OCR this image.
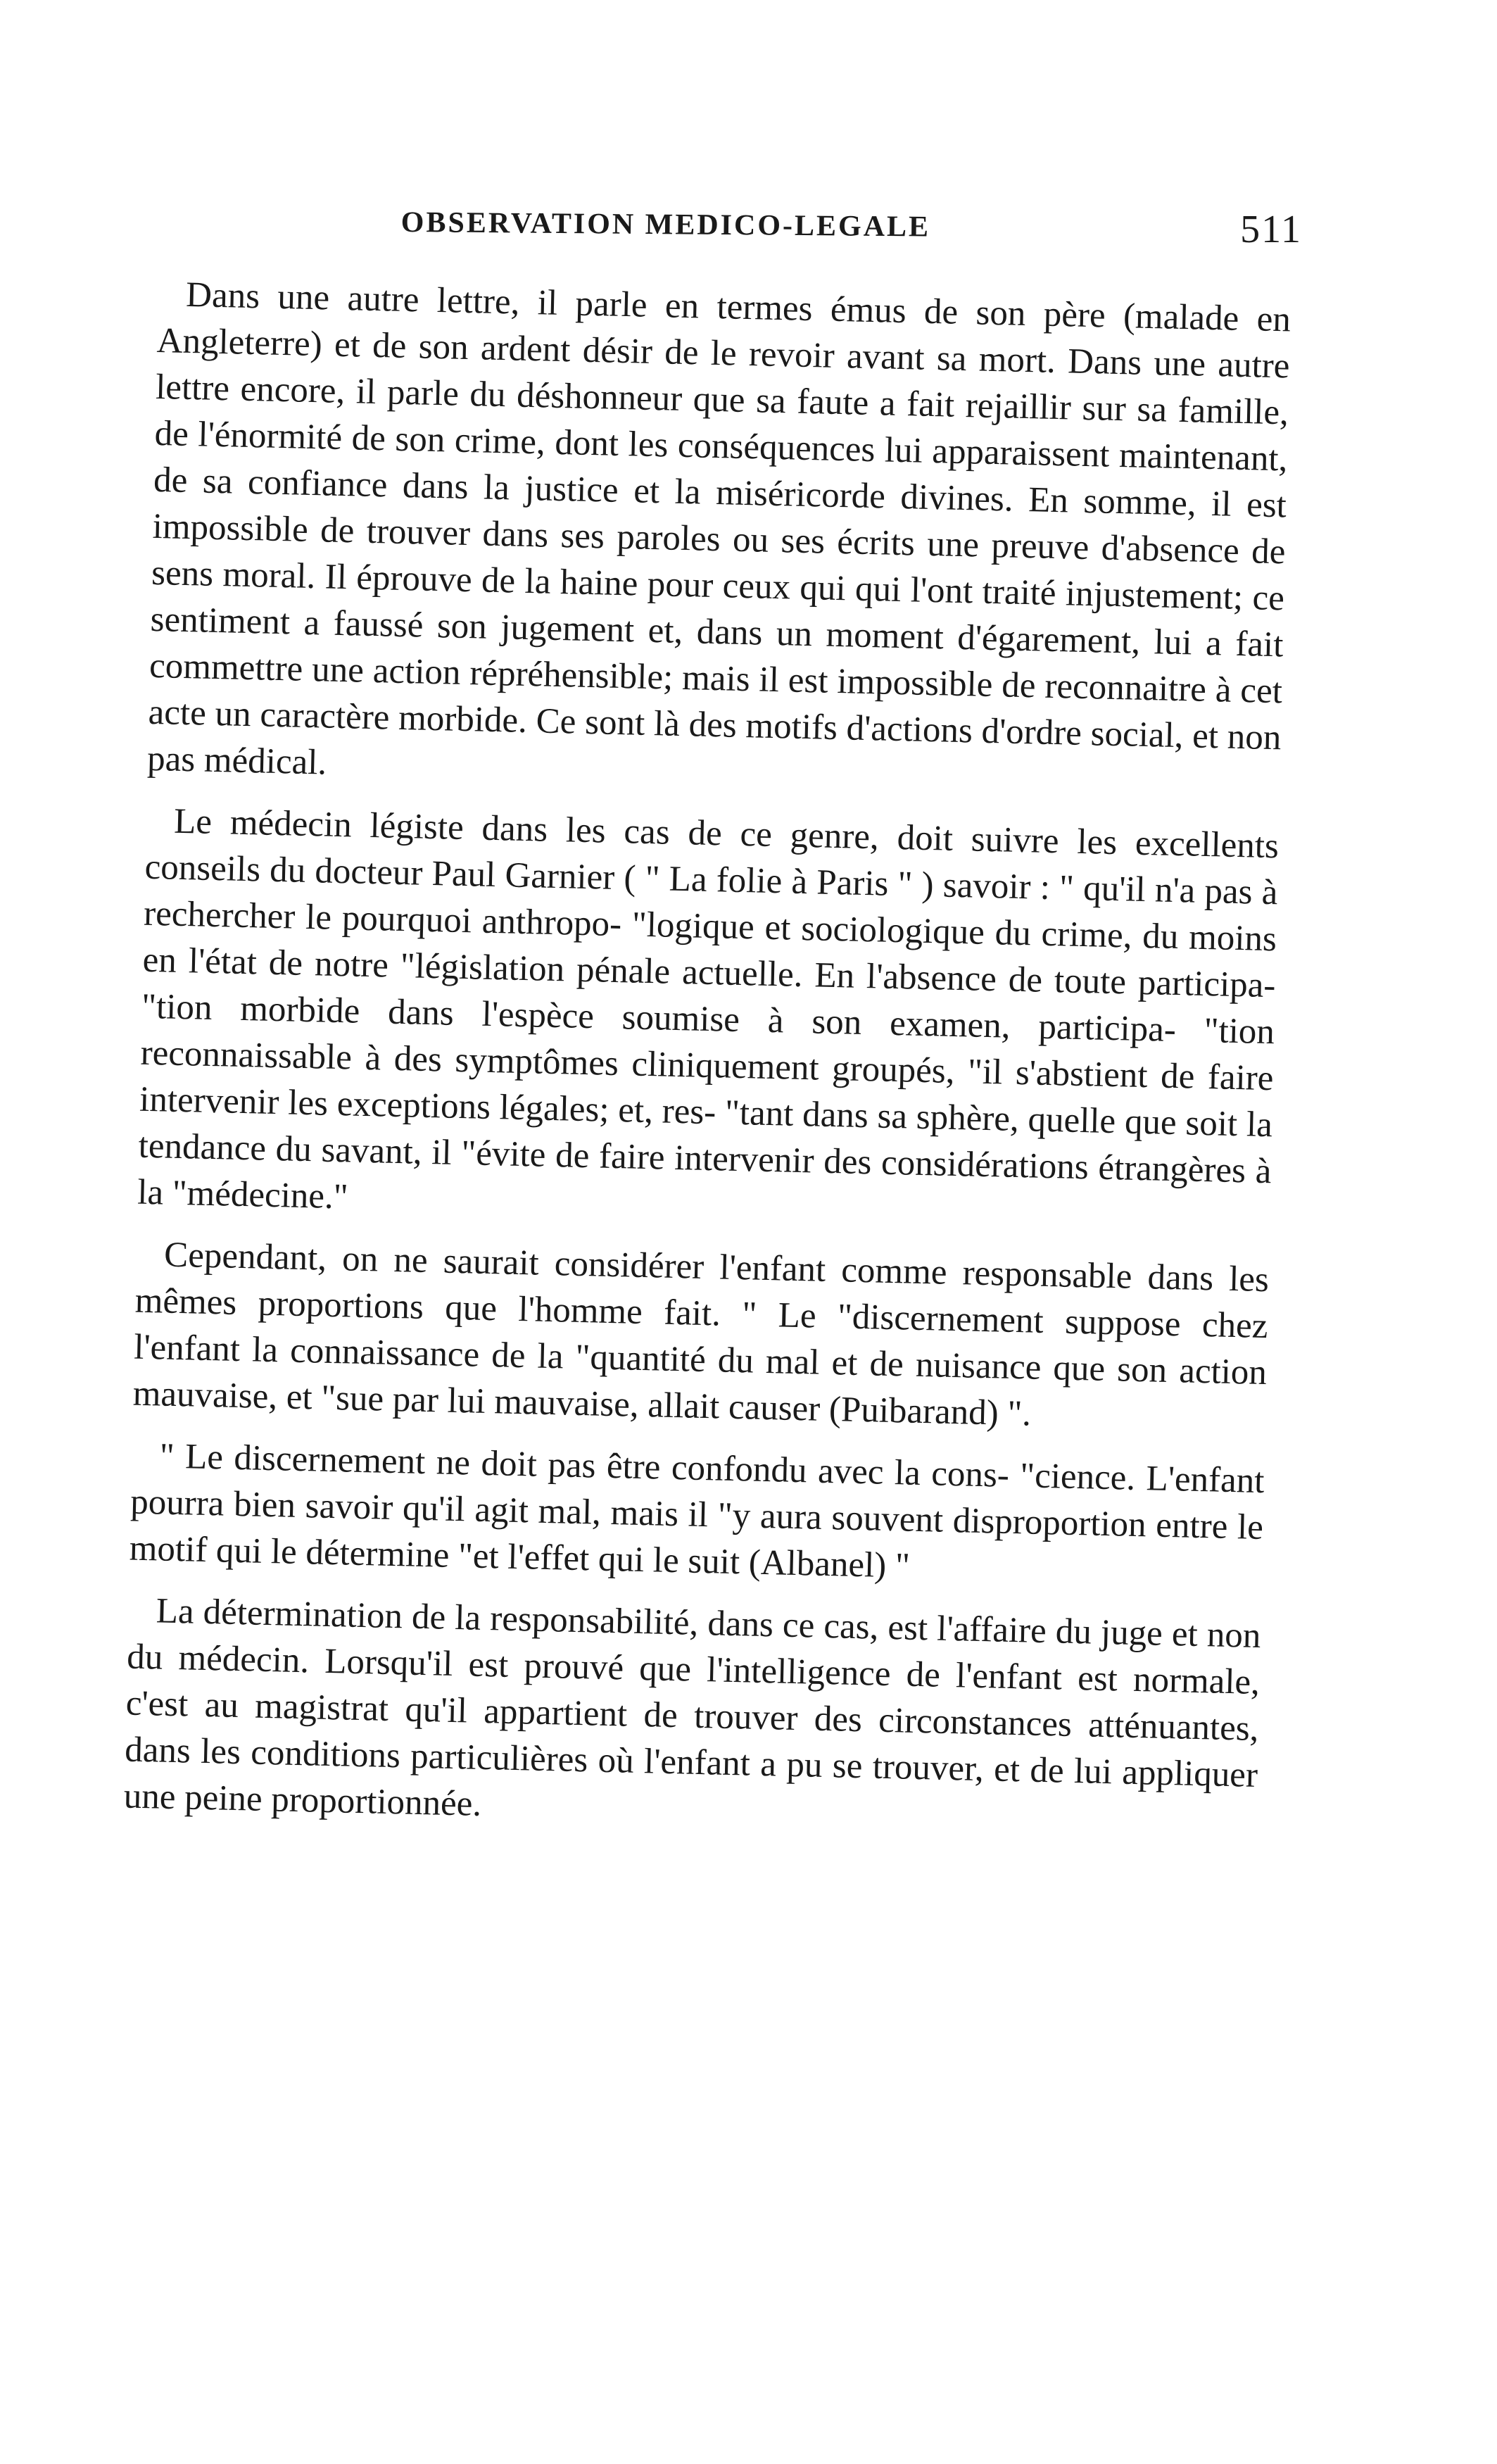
OBSERVATION MEDICO-LEGALE	511

Dans une autre lettre, il parle en termes émus de son père (malade en Angleterre) et de son ardent désir de le revoir avant sa mort. Dans une autre lettre encore, il parle du déshonneur que sa faute a fait rejaillir sur sa famille, de l'énormité de son crime, dont les conséquences lui apparaissent maintenant, de sa confiance dans la justice et la miséricorde divines. En somme, il est impossible de trouver dans ses paroles ou ses écrits une preuve d'absence de sens moral. Il éprouve de la haine pour ceux qui qui l'ont traité injustement; ce sentiment a faussé son jugement et, dans un moment d'égarement, lui a fait commettre une action répréhensible; mais il est impossible de reconnaitre à cet acte un caractère morbide. Ce sont là des motifs d'actions d'ordre social, et non pas médical.

Le médecin légiste dans les cas de ce genre, doit suivre les excellents conseils du docteur Paul Garnier ( " La folie à Paris " ) savoir : " qu'il n'a pas à rechercher le pourquoi anthropo- "logique et sociologique du crime, du moins en l'état de notre "législation pénale actuelle. En l'absence de toute participa- "tion morbide dans l'espèce soumise à son examen, participa- "tion reconnaissable à des symptômes cliniquement groupés, "il s'abstient de faire intervenir les exceptions légales; et, res- "tant dans sa sphère, quelle que soit la tendance du savant, il "évite de faire intervenir des considérations étrangères à la "médecine."

Cependant, on ne saurait considérer l'enfant comme responsable dans les mêmes proportions que l'homme fait. " Le "discernement suppose chez l'enfant la connaissance de la "quantité du mal et de nuisance que son action mauvaise, et "sue par lui mauvaise, allait causer (Puibarand) ".

" Le discernement ne doit pas être confondu avec la cons- "cience. L'enfant pourra bien savoir qu'il agit mal, mais il "y aura souvent disproportion entre le motif qui le détermine "et l'effet qui le suit (Albanel) "

La détermination de la responsabilité, dans ce cas, est l'affaire du juge et non du médecin. Lorsqu'il est prouvé que l'intelligence de l'enfant est normale, c'est au magistrat qu'il appartient de trouver des circonstances atténuantes, dans les conditions particulières où l'enfant a pu se trouver, et de lui appliquer une peine proportionnée.
